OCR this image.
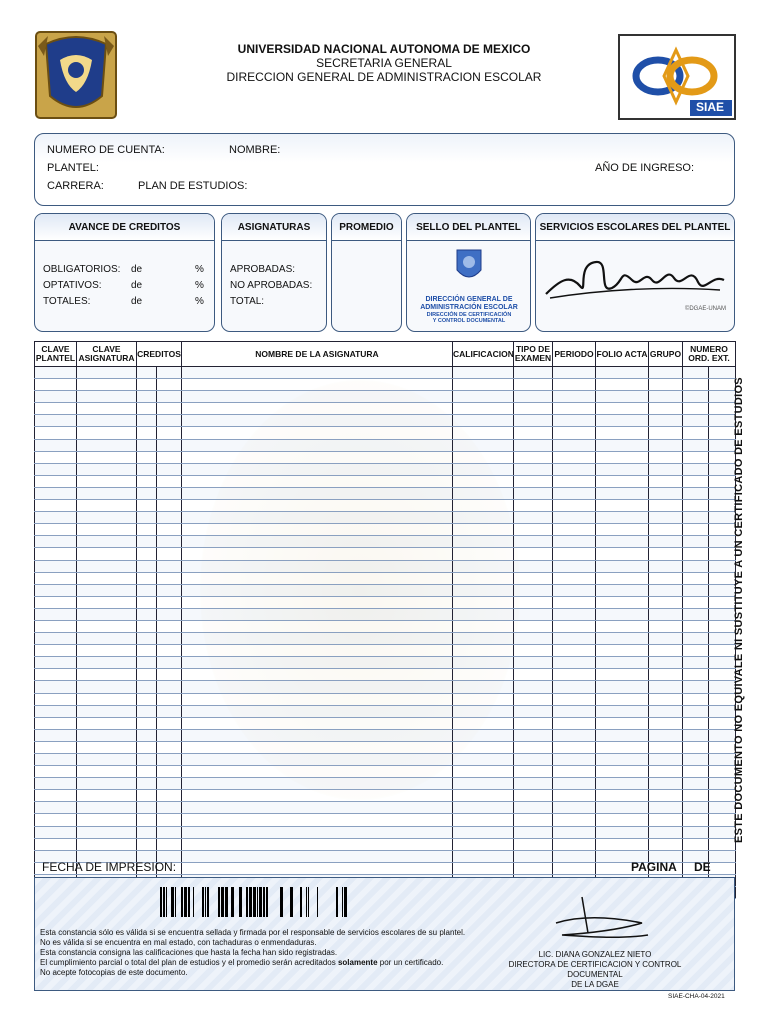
UNIVERSIDAD NACIONAL AUTONOMA DE MEXICO
SECRETARIA GENERAL
DIRECCION GENERAL DE ADMINISTRACION ESCOLAR
SIAE
NUMERO DE CUENTA:	NOMBRE:
PLANTEL:	AÑO DE INGRESO:
CARRERA:	PLAN DE ESTUDIOS:
AVANCE DE CREDITOS
OBLIGATORIOS: de	%
OPTATIVOS:	de	%
TOTALES:	de	%
ASIGNATURAS
APROBADAS:
NO APROBADAS:
TOTAL:
PROMEDIO	SELLO DEL PLANTEL
DIRECCIÓN GENERAL DE
ADMINISTRACIÓN ESCOLAR
DIRECCIÓN DE CERTIFICACIÓN
Y CONTROL DOCUMENTAL
SERVICIOS ESCOLARES DEL PLANTEL
©DGAE-UNAM
CLAVE PLANTEL	CLAVE ASIGNATURA	CREDITOS		NOMBRE DE LA ASIGNATURA	CALIFICACION	TIPO DE EXAMEN	PERIODO	FOLIO ACTA	GRUPO	NUMERO
ORD. EXT.	

ESTE DOCUMENTO NO EQUIVALE NI SUSTITUYE A UN CERTIFICADO DE ESTUDIOS
FECHA DE IMPRESION:	PAGINA DE
Esta constancia sólo es válida si se encuentra sellada y firmada por el responsable de servicios escolares de su plantel.
No es válida si se encuentra en mal estado, con tachaduras o enmendaduras.
Esta constancia consigna las calificaciones que hasta la fecha han sido registradas.
El cumplimiento parcial o total del plan de estudios y el promedio serán acreditados solamente por un certificado.
No acepte fotocopias de este documento.
LIC. DIANA GONZALEZ NIETO
DIRECTORA DE CERTIFICACION Y CONTROL DOCUMENTAL
DE LA DGAE
SIAE-CHA-04-2021
